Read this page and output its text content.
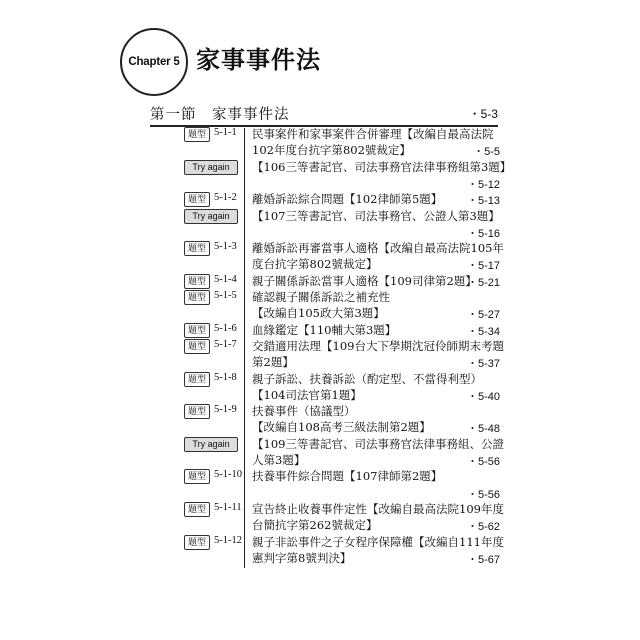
Chapter 5 家事事件法
第一節　家事事件法	・5-3
題型 5-1-1 民事案件和家事案件合併審理【改編自最高法院
102年度台抗字第802號裁定】	・5-5
Try again	【106三等書記官、司法事務官法律事務組第3題】
・5-12
題型 5-1-2 離婚訴訟綜合問題【102律師第5題】 ・5-13
Try again	【107三等書記官、司法事務官、公證人第3題】
・5-16
題型 5-1-3 離婚訴訟再審當事人適格【改編自最高法院105年
度台抗字第802號裁定】	・5-17
題型 5-1-4 親子關係訴訟當事人適格【109司律第2題】
・5-21
題型 5-1-5 確認親子關係訴訟之補充性
【改編自105政大第3題】	・5-27
題型 5-1-6 血緣鑑定【110輔大第3題】	・5-34
題型 5-1-7 交錯適用法理【109台大下學期沈冠伶師期末考題
第2題】	・5-37
題型 5-1-8 親子訴訟、扶養訴訟（酌定型、不當得利型）
【104司法官第1題】	・5-40
題型 5-1-9 扶養事件（協議型）
【改編自108高考三級法制第2題】	・5-48
Try again	【109三等書記官、司法事務官法律事務組、公證
人第3題】	・5-56
題型 5-1-10 扶養事件綜合問題【107律師第2題】
・5-56
題型 5-1-11 宣告終止收養事件定性【改編自最高法院109年度
台簡抗字第262號裁定】	・5-62
題型 5-1-12 親子非訟事件之子女程序保障權【改編自111年度
憲判字第8號判決】	・5-67
